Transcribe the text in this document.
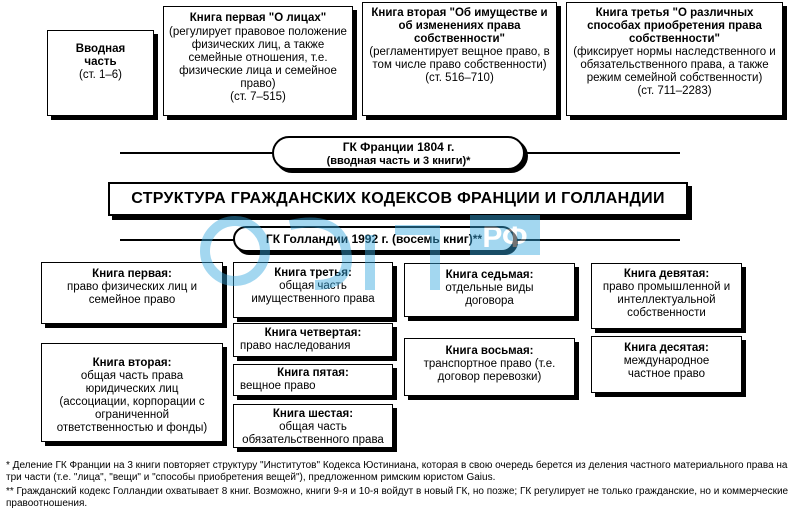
Вводная часть
(ст. 1–6)
Книга первая "О лицах"
(регулирует правовое положение физических лиц, а также семейные отношения, т.е. физические лица и семейное право)
(ст. 7–515)
Книга вторая "Об имуществе и об изменениях права собственности"
(регламентирует вещное право, в том числе право собственности)
(ст. 516–710)
Книга третья "О различных способах приобретения права собственности"
(фиксирует нормы наследственного и обязательственного права, а также режим семейной собственности)
(ст. 711–2283)
ГК Франции 1804 г.
(вводная часть и 3 книги)*
СТРУКТУРА ГРАЖДАНСКИХ КОДЕКСОВ ФРАНЦИИ И ГОЛЛАНДИИ
ГК Голландии 1992 г. (восемь книг)**
Книга первая:
право физических лиц и семейное право
Книга вторая:
общая часть права юридических лиц (ассоциации, корпорации с ограниченной ответственностью и фонды)
Книга третья:
общая часть имущественного права
Книга четвертая:
право наследования
Книга пятая:
вещное право
Книга шестая:
общая часть обязательственного права
Книга седьмая:
отдельные виды договора
Книга восьмая:
транспортное право (т.е. договор перевозки)
Книга девятая:
право промышленной и интеллектуальной собственности
Книга десятая:
международное частное право
РФ

* Деление ГК Франции на 3 книги повторяет структуру "Институтов" Кодекса Юстиниана, которая в свою очередь берется из деления частного материального права на три части (т.е. "лица", "вещи" и "способы приобретения вещей"), предложенном римским юристом Gaius.

** Гражданский кодекс Голландии охватывает 8 книг. Возможно, книги 9-я и 10-я войдут в новый ГК, но позже; ГК регулирует не только гражданские, но и коммерческие правоотношения.
